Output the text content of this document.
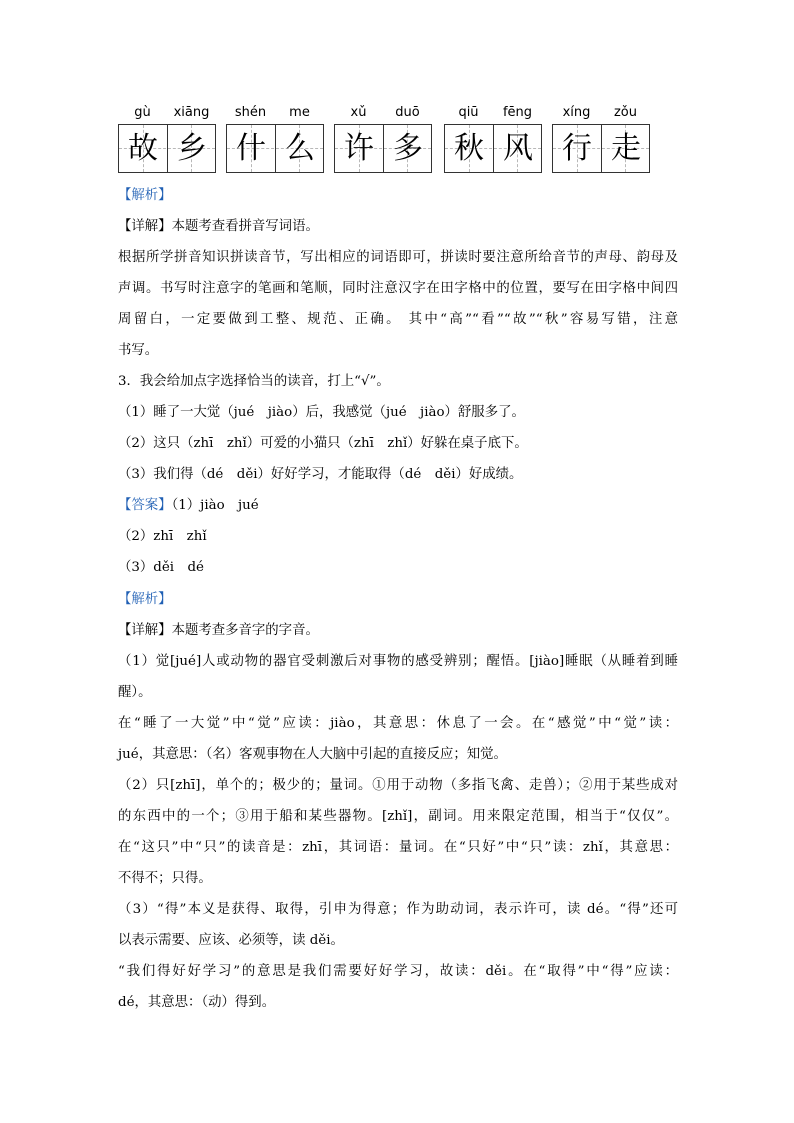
gù	xiāng
故 乡
shén	me
什 么
xǔ	duō
许 多
qiū	fēng
秋 风
xíng	zǒu
行 走
【解析】
【详解】本题考查看拼音写词语。
根据所学拼音知识拼读音节，写出相应的词语即可，拼读时要注意所给音节的声母、韵母及
声调。书写时注意字的笔画和笔顺，同时注意汉字在田字格中的位置，要写在田字格中间四
周留白，一定要做到工整、规范、正确。 其中“高”“看”“故”“秋”容易写错，注意
书写。
3．我会给加点字选择恰当的读音，打上“√”。
（1）睡了一大觉（jué　jiào）后，我感觉（jué　jiào）舒服多了。
（2）这只（zhī　zhǐ）可爱的小猫只（zhī　zhǐ）好躲在桌子底下。
（3）我们得（dé　děi）好好学习，才能取得（dé　děi）好成绩。
【答案】（1）jiào　jué
（2）zhī　zhǐ
（3）děi　dé
【解析】
【详解】本题考查多音字的字音。
（1）觉[jué]人或动物的器官受刺激后对事物的感受辨别；醒悟。[jiào]睡眠（从睡着到睡
醒）。
在“睡了一大觉”中“觉”应读：jiào，其意思：休息了一会。在“感觉”中“觉”读：
jué，其意思：（名）客观事物在人大脑中引起的直接反应；知觉。
（2）只[zhī]，单个的；极少的；量词。①用于动物（多指飞禽、走兽）；②用于某些成对
的东西中的一个；③用于船和某些器物。[zhǐ]，副词。用来限定范围，相当于“仅仅”。
在“这只”中“只”的读音是：zhī，其词语：量词。在“只好”中“只”读：zhǐ，其意思：
不得不；只得。
（3）“得”本义是获得、取得，引申为得意；作为助动词，表示许可，读 dé。“得”还可
以表示需要、应该、必须等，读 děi。
“我们得好好学习”的意思是我们需要好好学习，故读：děi。在“取得”中“得”应读：
dé，其意思：（动）得到。
